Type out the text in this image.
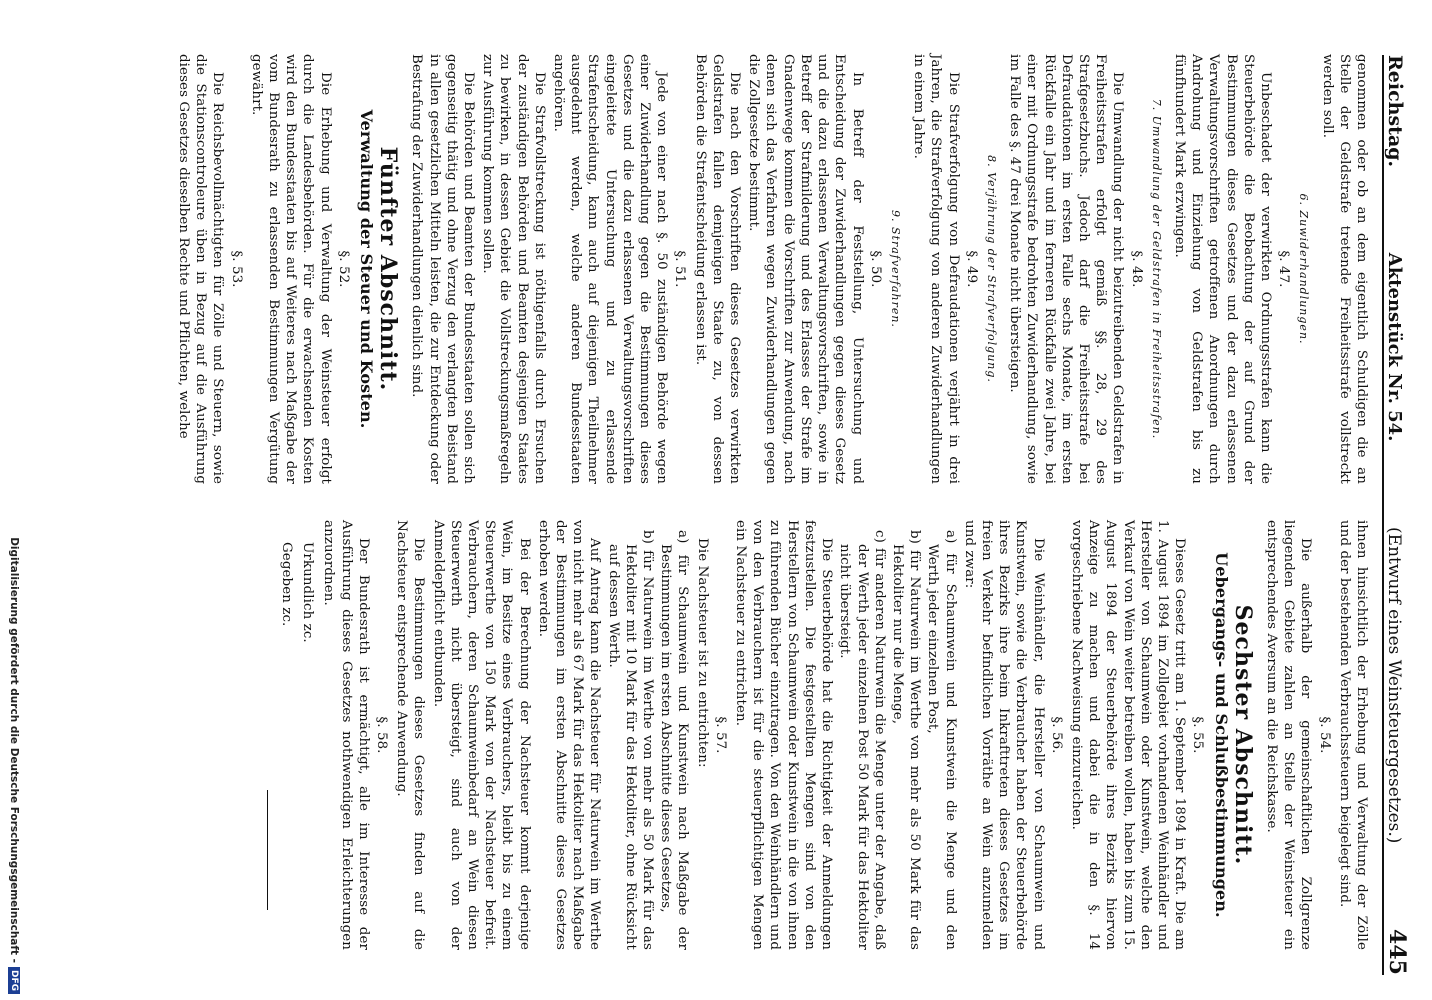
Reichstag.
Aktenstück Nr. 54.
(Entwurf eines Weinsteuergesetzes.)
445

genommen oder ob an dem eigentlich Schuldigen die an Stelle der Geldstrafe tretende Freiheitsstrafe vollstreckt werden soll.

6. Zuwiderhandlungen.
§. 47.

Unbeschadet der verwirkten Ordnungsstrafen kann die Steuerbehörde die Beobachtung der auf Grund der Bestimmungen dieses Gesetzes und der dazu erlassenen Verwaltungsvorschriften getroffenen Anordnungen durch Androhung und Einziehung von Geldstrafen bis zu fünfhundert Mark erzwingen.

7. Umwandlung der Geldstrafen in Freiheitsstrafen.
§. 48.

Die Umwandlung der nicht beizutreibenden Geldstrafen in Freiheitsstrafen erfolgt gemäß §§. 28, 29 des Strafgesetzbuchs. Jedoch darf die Freiheitsstrafe bei Defraudationen im ersten Falle sechs Monate, im ersten Rückfalle ein Jahr und im ferneren Rückfalle zwei Jahre, bei einer mit Ordnungsstrafe bedrohten Zuwiderhandlung, sowie im Falle des §. 47 drei Monate nicht übersteigen.

8. Verjährung der Strafverfolgung.
§. 49.

Die Strafverfolgung von Defraudationen verjährt in drei Jahren, die Strafverfolgung von anderen Zuwiderhandlungen in einem Jahre.

9. Strafverfahren.
§. 50.

In Betreff der Feststellung, Untersuchung und Entscheidung der Zuwiderhandlungen gegen dieses Gesetz und die dazu erlassenen Verwaltungsvorschriften, sowie in Betreff der Strafmilderung und des Erlasses der Strafe im Gnadenwege kommen die Vorschriften zur Anwendung, nach denen sich das Verfahren wegen Zuwiderhandlungen gegen die Zollgesetze bestimmt.

Die nach den Vorschriften dieses Gesetzes verwirkten Geldstrafen fallen demjenigen Staate zu, von dessen Behörden die Strafentscheidung erlassen ist.

§. 51.

Jede von einer nach §. 50 zuständigen Behörde wegen einer Zuwiderhandlung gegen die Bestimmungen dieses Gesetzes und die dazu erlassenen Verwaltungsvorschriften eingeleitete Untersuchung und zu erlassende Strafentscheidung, kann auch auf diejenigen Theilnehmer ausgedehnt werden, welche anderen Bundesstaaten angehören.

Die Strafvollstreckung ist nöthigenfalls durch Ersuchen der zuständigen Behörden und Beamten desjenigen Staates zu bewirken, in dessen Gebiet die Vollstreckungsmaßregeln zur Ausführung kommen sollen.

Die Behörden und Beamten der Bundesstaaten sollen sich gegenseitig thätig und ohne Verzug den verlangten Beistand in allen gesetzlichen Mitteln leisten, die zur Entdeckung oder Bestrafung der Zuwiderhandlungen dienlich sind.

Fünfter Abschnitt.
Verwaltung der Steuer und Kosten.
§. 52.

Die Erhebung und Verwaltung der Weinsteuer erfolgt durch die Landesbehörden. Für die erwachsenden Kosten wird den Bundesstaaten bis auf Weiteres nach Maßgabe der vom Bundesrath zu erlassenden Bestimmungen Vergütung gewährt.

§. 53.

Die Reichsbevollmächtigten für Zölle und Steuern, sowie die Stationscontroleure üben in Bezug auf die Ausführung dieses Gesetzes dieselben Rechte und Pflichten, welche

ihnen hinsichtlich der Erhebung und Verwaltung der Zölle und der bestehenden Verbrauchssteuern beigelegt sind.

§. 54.

Die außerhalb der gemeinschaftlichen Zollgrenze liegenden Gebiete zahlen an Stelle der Weinsteuer ein entsprechendes Aversum an die Reichskasse.

Sechster Abschnitt.
Uebergangs- und Schlußbestimmungen.
§. 55.

Dieses Gesetz tritt am 1. September 1894 in Kraft. Die am 1. August 1894 im Zollgebiet vorhandenen Weinhändler und Hersteller von Schaumwein oder Kunstwein, welche den Verkauf von Wein weiter betreiben wollen, haben bis zum 15. August 1894 der Steuerbehörde ihres Bezirks hiervon Anzeige zu machen und dabei die in den §. 14 vorgeschriebene Nachweisung einzureichen.

§. 56.

Die Weinhändler, die Hersteller von Schaumwein und Kunstwein, sowie die Verbraucher haben der Steuerbehörde ihres Bezirks ihre beim Inkrafttreten dieses Gesetzes im freien Verkehr befindlichen Vorräthe an Wein anzumelden und zwar:

a) für Schaumwein und Kunstwein die Menge und den Werth jeder einzelnen Post,

b) für Naturwein im Werthe von mehr als 50 Mark für das Hektoliter nur die Menge,

c) für anderen Naturwein die Menge unter der Angabe, daß der Werth jeder einzelnen Post 50 Mark für das Hektoliter nicht übersteigt.

Die Steuerbehörde hat die Richtigkeit der Anmeldungen festzustellen. Die festgestellten Mengen sind von den Herstellern von Schaumwein oder Kunstwein in die von ihnen zu führenden Bücher einzutragen. Von den Weinhändlern und von den Verbrauchern ist für die steuerpflichtigen Mengen ein Nachsteuer zu entrichten.

§. 57.

Die Nachsteuer ist zu entrichten:

a) für Schaumwein und Kunstwein nach Maßgabe der Bestimmungen im ersten Abschnitte dieses Gesetzes,

b) für Naturwein im Werthe von mehr als 50 Mark für das Hektoliter mit 10 Mark für das Hektoliter, ohne Rücksicht auf dessen Werth.

Auf Antrag kann die Nachsteuer für Naturwein im Werthe von nicht mehr als 67 Mark für das Hektoliter nach Maßgabe der Bestimmungen im ersten Abschnitte dieses Gesetzes erhoben werden.

Bei der Berechnung der Nachsteuer kommt derjenige Wein, im Besitze eines Verbrauchers, bleibt bis zu einem Steuerwerthe von 150 Mark von der Nachsteuer befreit. Verbrauchern, deren Schaumweinbedarf an Wein diesen Steuerwerth nicht übersteigt, sind auch von der Anmeldepflicht entbunden.

Die Bestimmungen dieses Gesetzes finden auf die Nachsteuer entsprechende Anwendung.

§. 58.

Der Bundesrath ist ermächtigt, alle im Interesse der Ausführung dieses Gesetzes nothwendigen Erleichterungen anzuordnen.

Urkundlich zc.

Gegeben zc.

Digitalisierung gefördert durch die Deutsche Forschungsgemeinschaft -
DFG
